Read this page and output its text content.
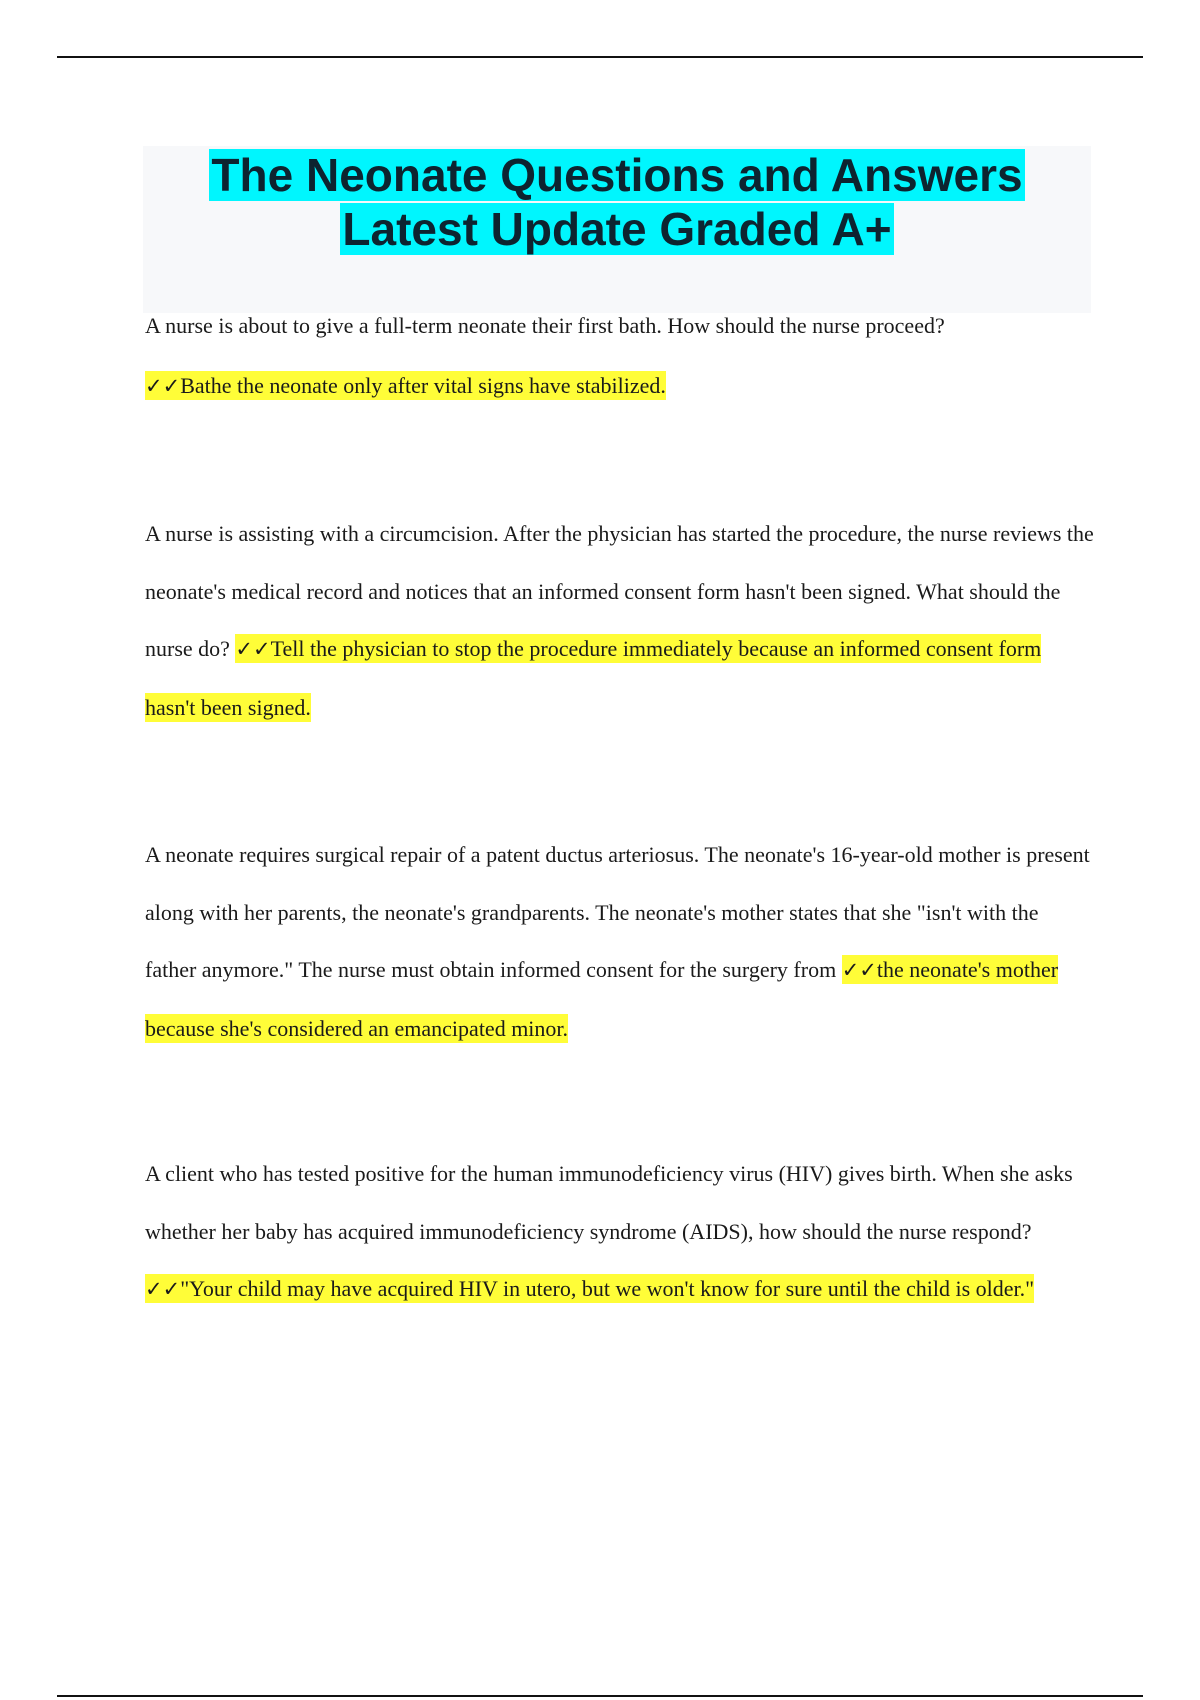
The Neonate Questions and Answers
Latest Update Graded A+
A nurse is about to give a full-term neonate their first bath. How should the nurse proceed?
✓✓Bathe the neonate only after vital signs have stabilized.
A nurse is assisting with a circumcision. After the physician has started the procedure, the nurse reviews the neonate's medical record and notices that an informed consent form hasn't been signed. What should the nurse do? ✓✓Tell the physician to stop the procedure immediately because an informed consent form hasn't been signed.
A neonate requires surgical repair of a patent ductus arteriosus. The neonate's 16-year-old mother is present along with her parents, the neonate's grandparents. The neonate's mother states that she "isn't with the father anymore." The nurse must obtain informed consent for the surgery from ✓✓the neonate's mother because she's considered an emancipated minor.
A client who has tested positive for the human immunodeficiency virus (HIV) gives birth. When she asks whether her baby has acquired immunodeficiency syndrome (AIDS), how should the nurse respond? ✓✓"Your child may have acquired HIV in utero, but we won't know for sure until the child is older."
